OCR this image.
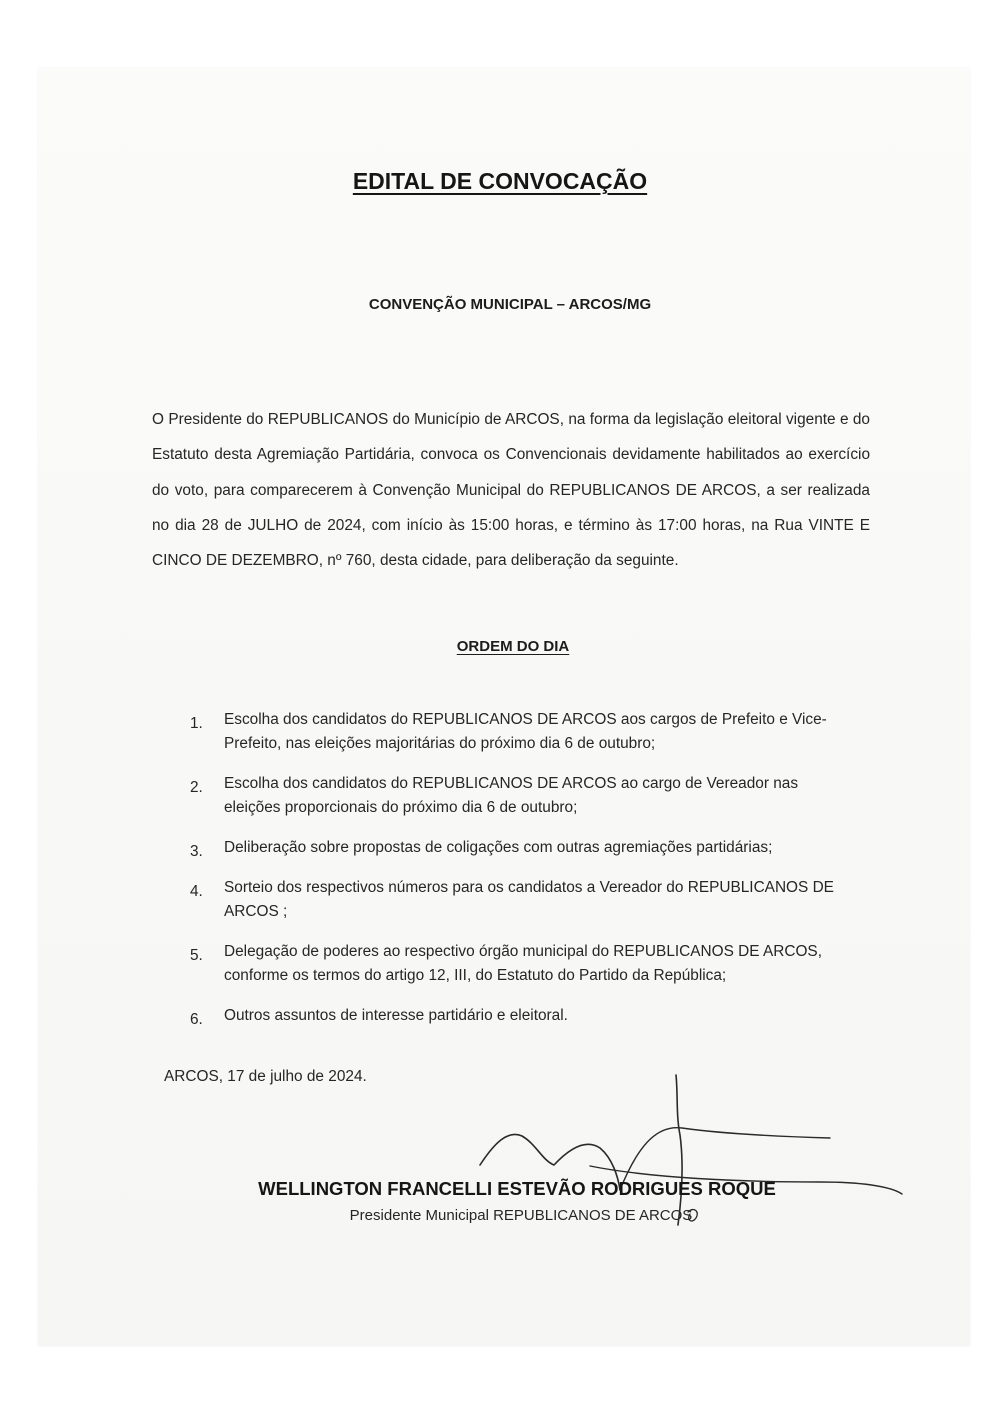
EDITAL DE CONVOCAÇÃO
CONVENÇÃO MUNICIPAL – ARCOS/MG

O Presidente do REPUBLICANOS do Município de ARCOS, na forma da legislação eleitoral vigente e do Estatuto desta Agremiação Partidária, convoca os Convencionais devidamente habilitados ao exercício do voto, para comparecerem à Convenção Municipal do REPUBLICANOS DE ARCOS, a ser realizada no dia 28 de JULHO de 2024, com início às 15:00 horas, e término às 17:00 horas, na Rua VINTE E CINCO DE DEZEMBRO, nº 760, desta cidade, para deliberação da seguinte.

ORDEM DO DIA
1. Escolha dos candidatos do REPUBLICANOS DE ARCOS aos cargos de Prefeito e Vice-Prefeito, nas eleições majoritárias do próximo dia 6 de outubro;
2. Escolha dos candidatos do REPUBLICANOS DE ARCOS ao cargo de Vereador nas eleições proporcionais do próximo dia 6 de outubro;
3. Deliberação sobre propostas de coligações com outras agremiações partidárias;
4. Sorteio dos respectivos números para os candidatos a Vereador do REPUBLICANOS DE ARCOS ;
5. Delegação de poderes ao respectivo órgão municipal do REPUBLICANOS DE ARCOS, conforme os termos do artigo 12, III, do Estatuto do Partido da República;
6. Outros assuntos de interesse partidário e eleitoral.

ARCOS, 17 de julho de 2024.

WELLINGTON FRANCELLI ESTEVÃO RODRIGUES ROQUE

Presidente Municipal REPUBLICANOS DE ARCOS
